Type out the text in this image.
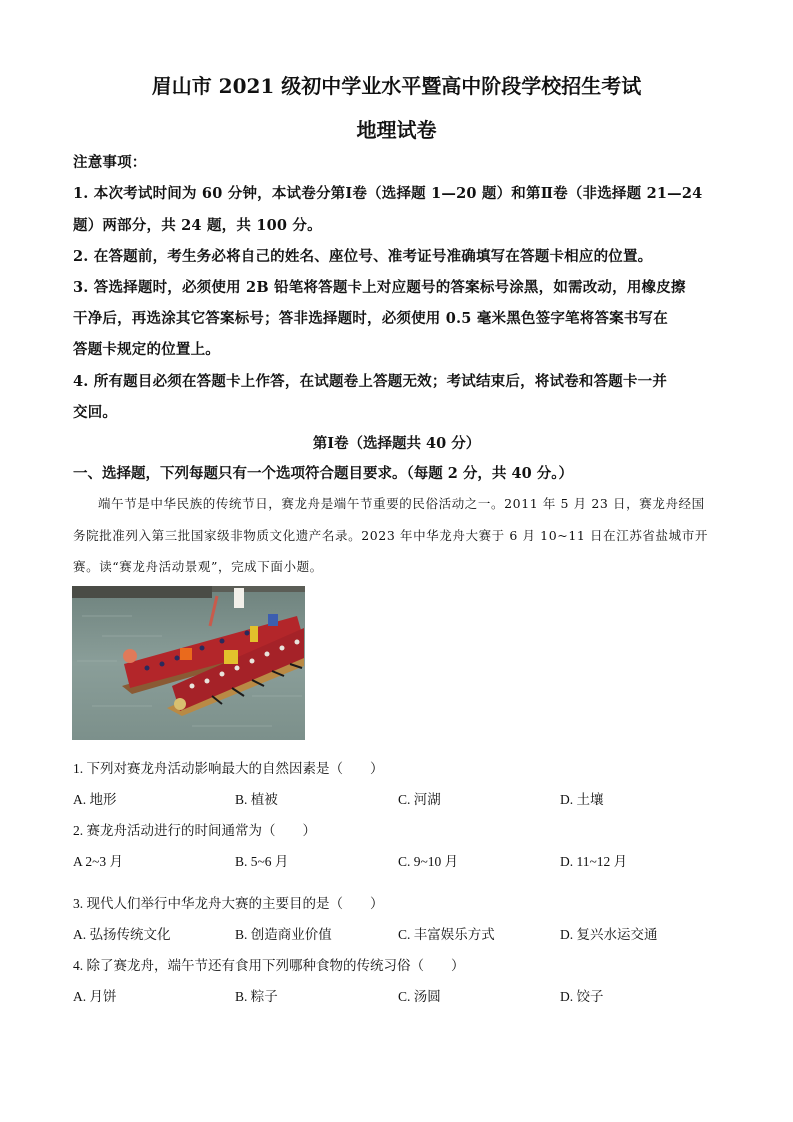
眉山市 2021 级初中学业水平暨高中阶段学校招生考试
地理试卷
注意事项：
1. 本次考试时间为 60 分钟，本试卷分第Ⅰ卷（选择题 1—20 题）和第Ⅱ卷（非选择题 21—24
题）两部分，共 24 题，共 100 分。
2. 在答题前，考生务必将自己的姓名、座位号、准考证号准确填写在答题卡相应的位置。
3. 答选择题时，必须使用 2B 铅笔将答题卡上对应题号的答案标号涂黑，如需改动，用橡皮擦
干净后，再选涂其它答案标号；答非选择题时，必须使用 0.5 毫米黑色签字笔将答案书写在
答题卡规定的位置上。
4. 所有题目必须在答题卡上作答，在试题卷上答题无效；考试结束后，将试卷和答题卡一并
交回。
第Ⅰ卷（选择题共 40 分）
一、选择题，下列每题只有一个选项符合题目要求。（每题 2 分，共 40 分。）
端午节是中华民族的传统节日，赛龙舟是端午节重要的民俗活动之一。2011 年 5 月 23 日，赛龙舟经国
务院批准列入第三批国家级非物质文化遗产名录。2023 年中华龙舟大赛于 6 月 10~11 日在江苏省盐城市开
赛。读“赛龙舟活动景观”，完成下面小题。
1. 下列对赛龙舟活动影响最大的自然因素是（　　）
A. 地形	B. 植被	C. 河湖	D. 土壤
2. 赛龙舟活动进行的时间通常为（　　）
A 2~3 月	B. 5~6 月	C. 9~10 月	D. 11~12 月
3. 现代人们举行中华龙舟大赛的主要目的是（　　）
A. 弘扬传统文化	B. 创造商业价值	C. 丰富娱乐方式	D. 复兴水运交通
4. 除了赛龙舟，端午节还有食用下列哪种食物的传统习俗（　　）
A. 月饼	B. 粽子	C. 汤圆	D. 饺子
